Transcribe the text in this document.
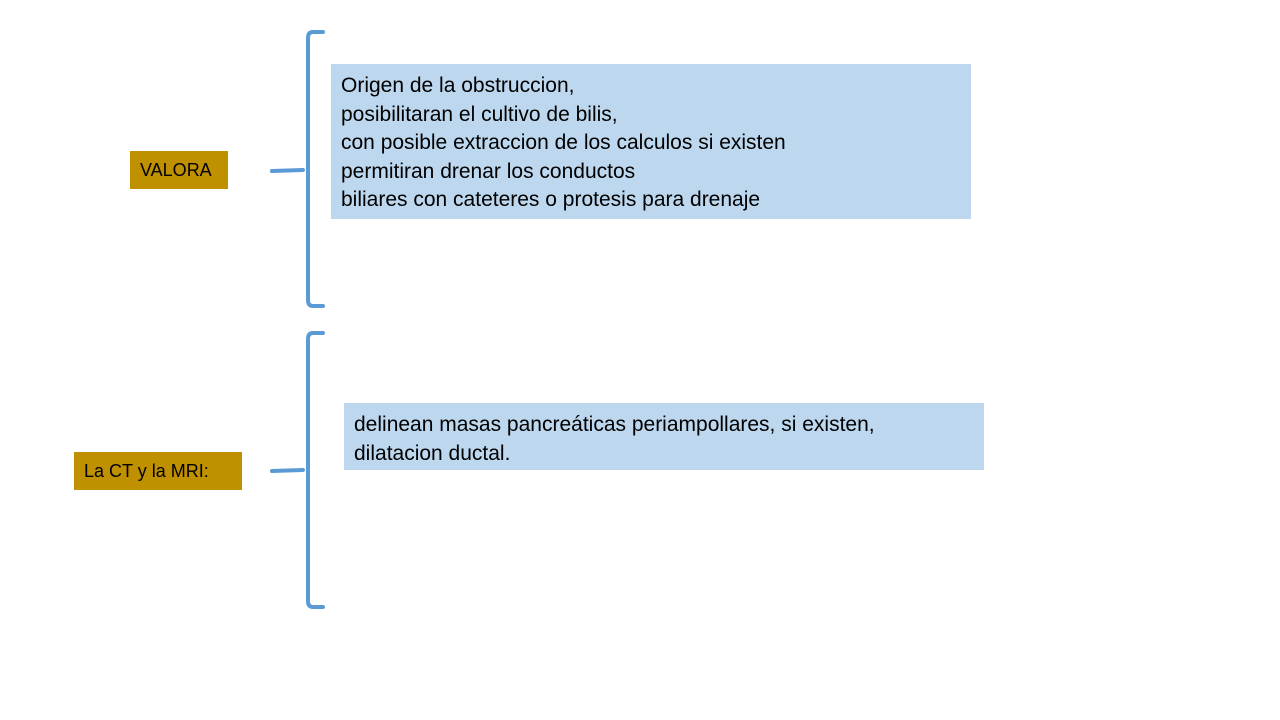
VALORA
Origen de la obstruccion,
posibilitaran el cultivo de bilis,
con posible extraccion de los calculos si existen
permitiran drenar los conductos
biliares con cateteres o protesis para drenaje
La CT y la MRI:
delinean masas pancreáticas periampollares, si existen,
dilatacion ductal.
